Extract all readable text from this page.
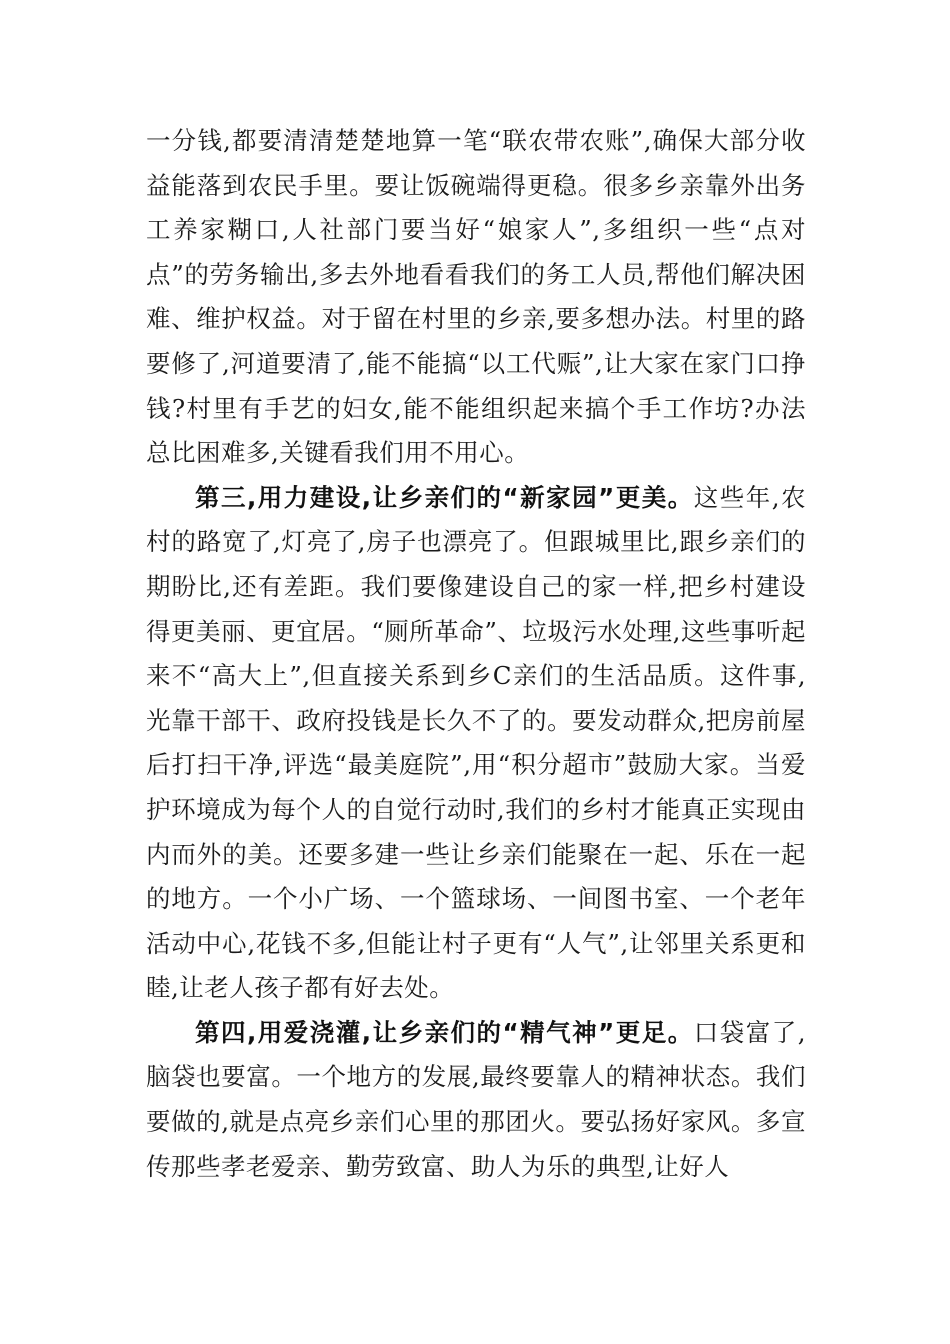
一分钱,都要清清楚楚地算一笔“联农带农账”,确保大部分收益能落到农民手里。要让饭碗端得更稳。很多乡亲靠外出务工养家糊口,人社部门要当好“娘家人”,多组织一些“点对点”的劳务输出,多去外地看看我们的务工人员,帮他们解决困难、维护权益。对于留在村里的乡亲,要多想办法。村里的路要修了,河道要清了,能不能搞“以工代赈”,让大家在家门口挣钱?村里有手艺的妇女,能不能组织起来搞个手工作坊?办法总比困难多,关键看我们用不用心。

第三,用力建设,让乡亲们的“新家园”更美。这些年,农村的路宽了,灯亮了,房子也漂亮了。但跟城里比,跟乡亲们的期盼比,还有差距。我们要像建设自己的家一样,把乡村建设得更美丽、更宜居。“厕所革命”、垃圾污水处理,这些事听起来不“高大上”,但直接关系到乡C亲们的生活品质。这件事,光靠干部干、政府投钱是长久不了的。要发动群众,把房前屋后打扫干净,评选“最美庭院”,用“积分超市”鼓励大家。当爱护环境成为每个人的自觉行动时,我们的乡村才能真正实现由内而外的美。还要多建一些让乡亲们能聚在一起、乐在一起的地方。一个小广场、一个篮球场、一间图书室、一个老年活动中心,花钱不多,但能让村子更有“人气”,让邻里关系更和睦,让老人孩子都有好去处。

第四,用爱浇灌,让乡亲们的“精气神”更足。口袋富了,脑袋也要富。一个地方的发展,最终要靠人的精神状态。我们要做的,就是点亮乡亲们心里的那团火。要弘扬好家风。多宣传那些孝老爱亲、勤劳致富、助人为乐的典型,让好人
